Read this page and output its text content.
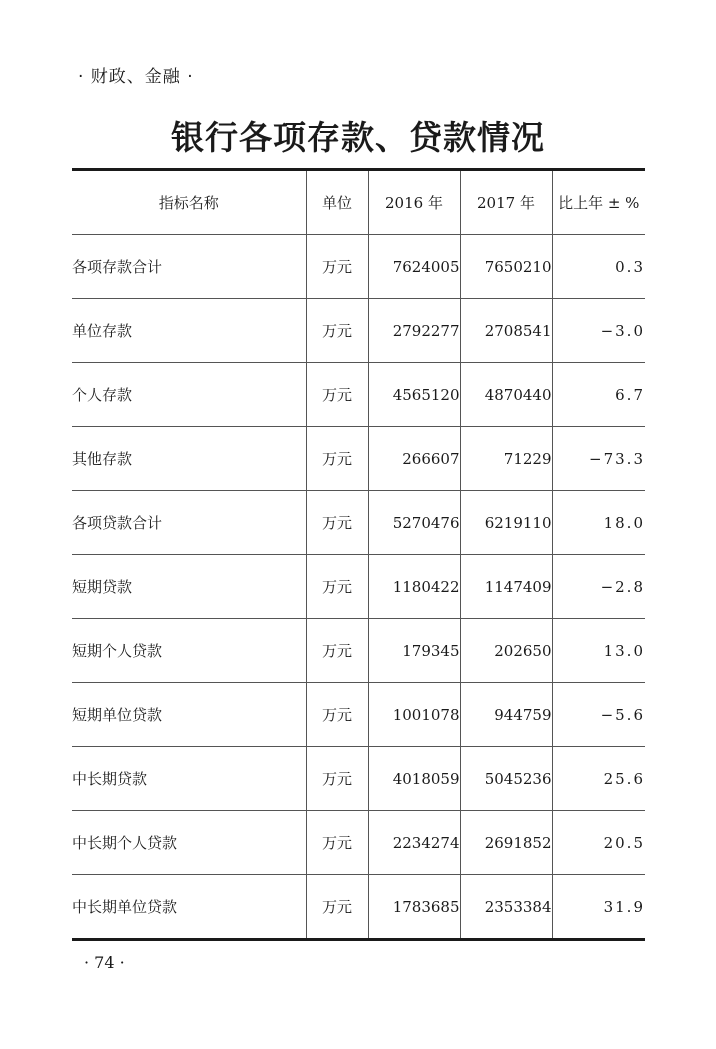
· 财政、金融 ·
银行各项存款、贷款情况
指标名称	单位	2016 年	2017 年	比上年 ± %
各项存款合计	万元	7624005	7650210	0.3
单位存款	万元	2792277	2708541	−3.0
个人存款	万元	4565120	4870440	6.7
其他存款	万元	266607	71229	−73.3
各项贷款合计	万元	5270476	6219110	18.0
短期贷款	万元	1180422	1147409	−2.8
短期个人贷款	万元	179345	202650	13.0
短期单位贷款	万元	1001078	944759	−5.6
中长期贷款	万元	4018059	5045236	25.6
中长期个人贷款	万元	2234274	2691852	20.5
中长期单位贷款	万元	1783685	2353384	31.9
· 74 ·
